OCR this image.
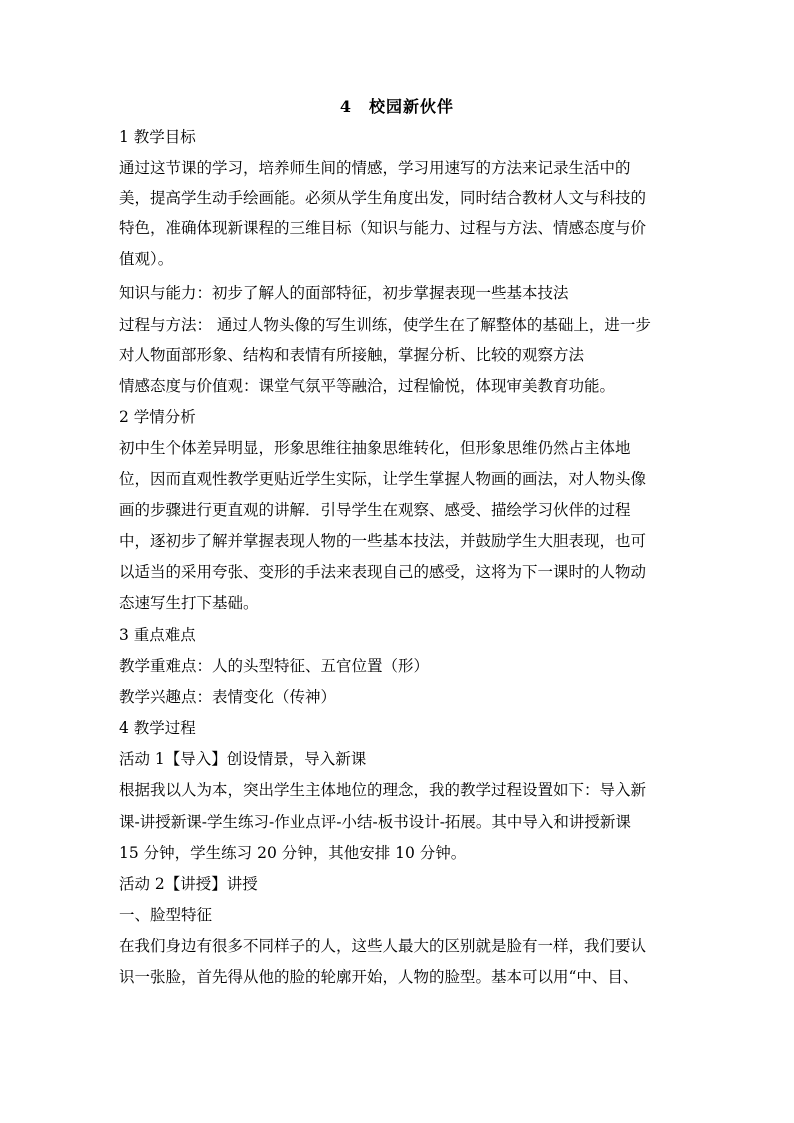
4　校园新伙伴
1 教学目标
通过这节课的学习，培养师生间的情感，学习用速写的方法来记录生活中的
美，提高学生动手绘画能。必须从学生角度出发，同时结合教材人文与科技的
特色，准确体现新课程的三维目标（知识与能力、过程与方法、情感态度与价
值观）。
知识与能力：初步了解人的面部特征，初步掌握表现一些基本技法
过程与方法： 通过人物头像的写生训练，使学生在了解整体的基础上，进一步
对人物面部形象、结构和表情有所接触，掌握分析、比较的观察方法
情感态度与价值观：课堂气氛平等融洽，过程愉悦，体现审美教育功能。
2 学情分析
初中生个体差异明显，形象思维往抽象思维转化，但形象思维仍然占主体地
位，因而直观性教学更贴近学生实际，让学生掌握人物画的画法，对人物头像
画的步骤进行更直观的讲解．引导学生在观察、感受、描绘学习伙伴的过程
中，逐初步了解并掌握表现人物的一些基本技法，并鼓励学生大胆表现，也可
以适当的采用夸张、变形的手法来表现自己的感受，这将为下一课时的人物动
态速写生打下基础。
3 重点难点
教学重难点：人的头型特征、五官位置（形）
教学兴趣点：表情变化（传神）
4 教学过程
活动 1【导入】创设情景，导入新课
根据我以人为本，突出学生主体地位的理念，我的教学过程设置如下：导入新
课-讲授新课-学生练习-作业点评-小结-板书设计-拓展。其中导入和讲授新课
15 分钟，学生练习 20 分钟，其他安排 10 分钟。
活动 2【讲授】讲授
一、脸型特征
在我们身边有很多不同样子的人，这些人最大的区别就是脸有一样，我们要认
识一张脸，首先得从他的脸的轮廓开始，人物的脸型。基本可以用“中、目、
